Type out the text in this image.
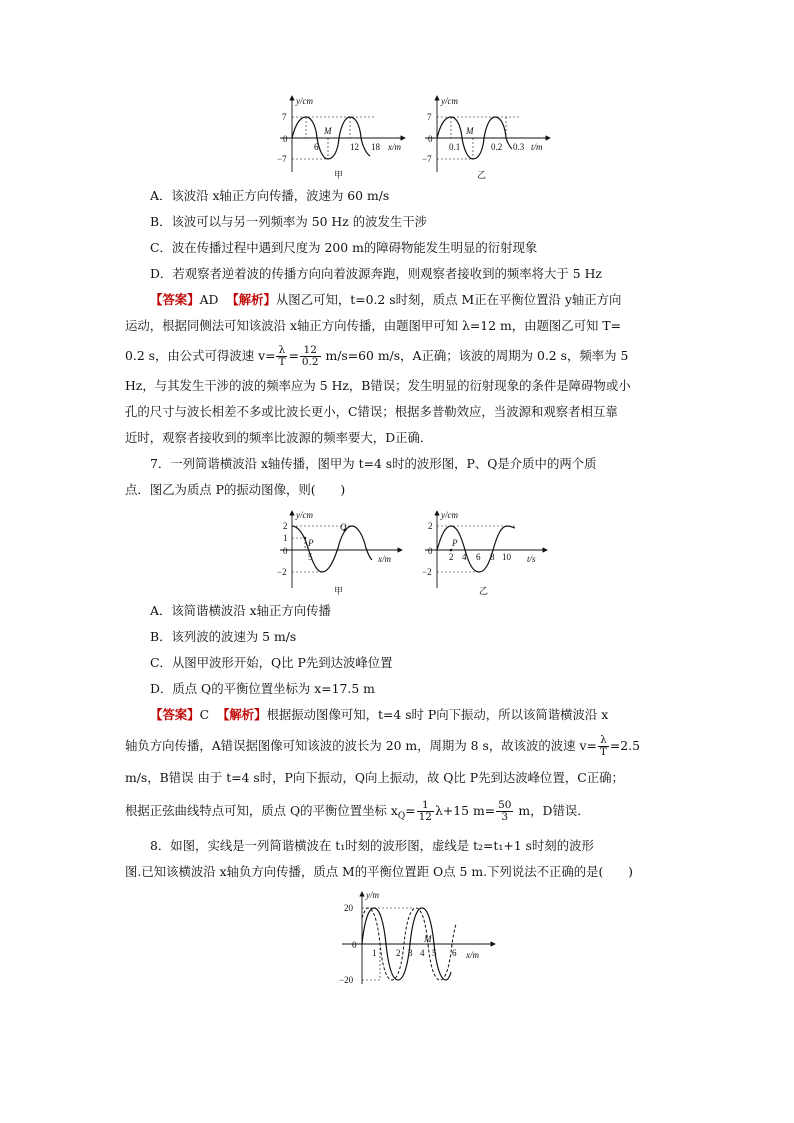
y/cm
x/m
7
0
−7
6	12 18
M
甲
y/cm
t/m
7
0
−7
0.1	0.2 0.3
M
乙
A．该波沿 x轴正方向传播，波速为 60 m/s
B．该波可以与另一列频率为 50 Hz 的波发生干涉
C．波在传播过程中遇到尺度为 200 m的障碍物能发生明显的衍射现象
D．若观察者逆着波的传播方向向着波源奔跑，则观察者接收到的频率将大于 5 Hz
【答案】AD 【解析】从图乙可知，t=0.2 s时刻，质点 M正在平衡位置沿 y轴正方向
运动，根据同侧法可知该波沿 x轴正方向传播，由题图甲可知 λ=12 m，由题图乙可知 T=
0.2 s，由公式可得波速 $v= \frac{\lambda}{T} = \frac{12}{0.2} m/s=60$ m/s，A正确；该波的周期为 0.2 s，频率为 5
Hz，与其发生干涉的波的频率应为 5 Hz，B错误；发生明显的衍射现象的条件是障碍物或小
孔的尺寸与波长相差不多或比波长更小，C错误；根据多普勒效应，当波源和观察者相互靠
近时，观察者接收到的频率比波源的频率要大，D正确．
7．一列简谐横波沿 x轴传播，图甲为 t=4 s时的波形图，P、Q是介质中的两个质
点．图乙为质点 P的振动图像，则(　　)
y/cm
x/m
2
1
0
−2
5
P
Q
甲
y/cm
t/s
2
0
−2
2 4 6 8 10
P
乙
A．该简谐横波沿 x轴正方向传播
B．该列波的波速为 5 m/s
C．从图甲波形开始，Q比 P先到达波峰位置
D．质点 Q的平衡位置坐标为 x=17.5 m
【答案】C 【解析】根据振动图像可知，t=4 s时 P向下振动，所以该简谐横波沿 x
轴负方向传播，A错误据图像可知该波的波长为 20 m，周期为 8 s，故该波的波速 $v= \frac{\lambda}{T} =2.5$
m/s，B错误 由于 t=4 s时，P向下振动，Q向上振动，故 Q比 P先到达波峰位置，C正确；
根据正弦曲线特点可知，质点 Q的平衡位置坐标 $x_Q= \frac{1}{12} \lambda+15$ $m= \frac{50}{3}$ m，D错误．
8．如图，实线是一列简谐横波在 t₁时刻的波形图，虚线是 t₂=t₁+1 s时刻的波形
图.已知该横波沿 x轴负方向传播，质点 M的平衡位置距 O点 5 m.下列说法不正确的是(　　)
y/m
x/m
20
0
−20
1 2 3 4 5 6
M
